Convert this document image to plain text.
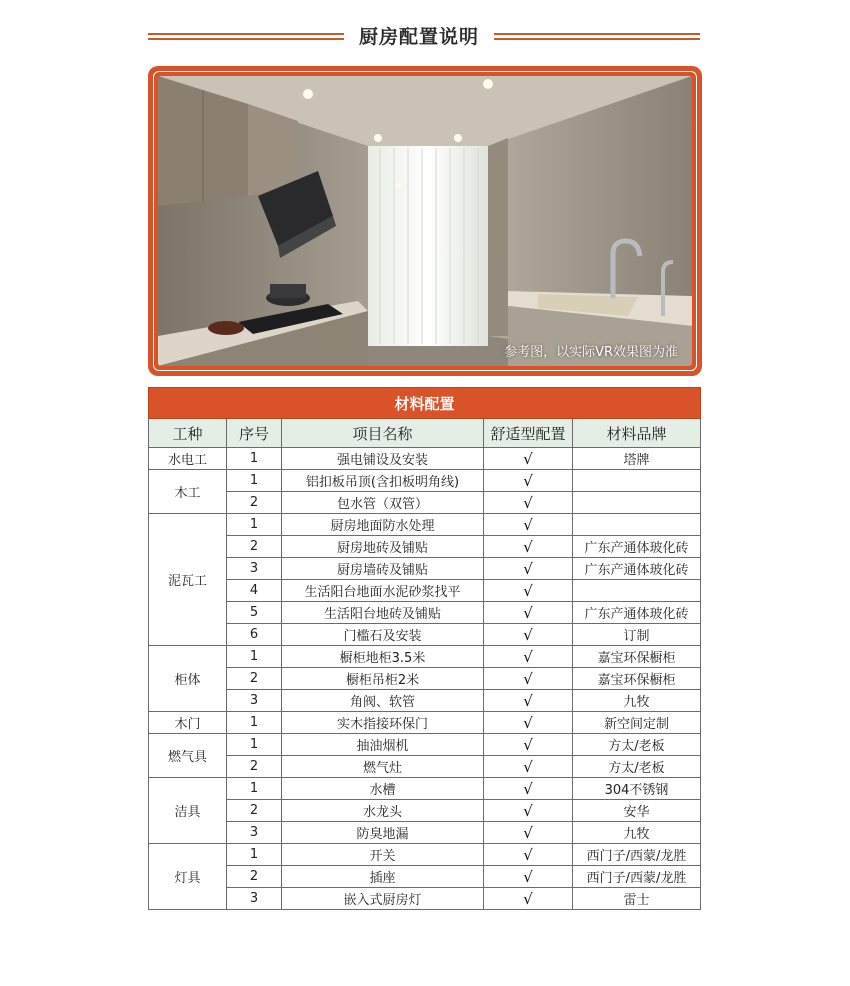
厨房配置说明
参考图，以实际VR效果图为准
材料配置				
工种	序号	项目名称	舒适型配置	材料品牌
水电工	1	强电铺设及安装	√	塔牌
木工	1	铝扣板吊顶(含扣板明角线)	√	
	2	包水管（双管）	√	
泥瓦工	1	厨房地面防水处理	√	
	2	厨房地砖及铺贴	√	广东产通体玻化砖
	3	厨房墙砖及铺贴	√	广东产通体玻化砖
	4	生活阳台地面水泥砂浆找平	√	
	5	生活阳台地砖及铺贴	√	广东产通体玻化砖
	6	门槛石及安装	√	订制
柜体	1	橱柜地柜3.5米	√	嘉宝环保橱柜
	2	橱柜吊柜2米	√	嘉宝环保橱柜
	3	角阀、软管	√	九牧
木门	1	实木指接环保门	√	新空间定制
燃气具	1	抽油烟机	√	方太/老板
	2	燃气灶	√	方太/老板
洁具	1	水槽	√	304不锈钢
	2	水龙头	√	安华
	3	防臭地漏	√	九牧
灯具	1	开关	√	西门子/西蒙/龙胜
	2	插座	√	西门子/西蒙/龙胜
	3	嵌入式厨房灯	√	雷士
